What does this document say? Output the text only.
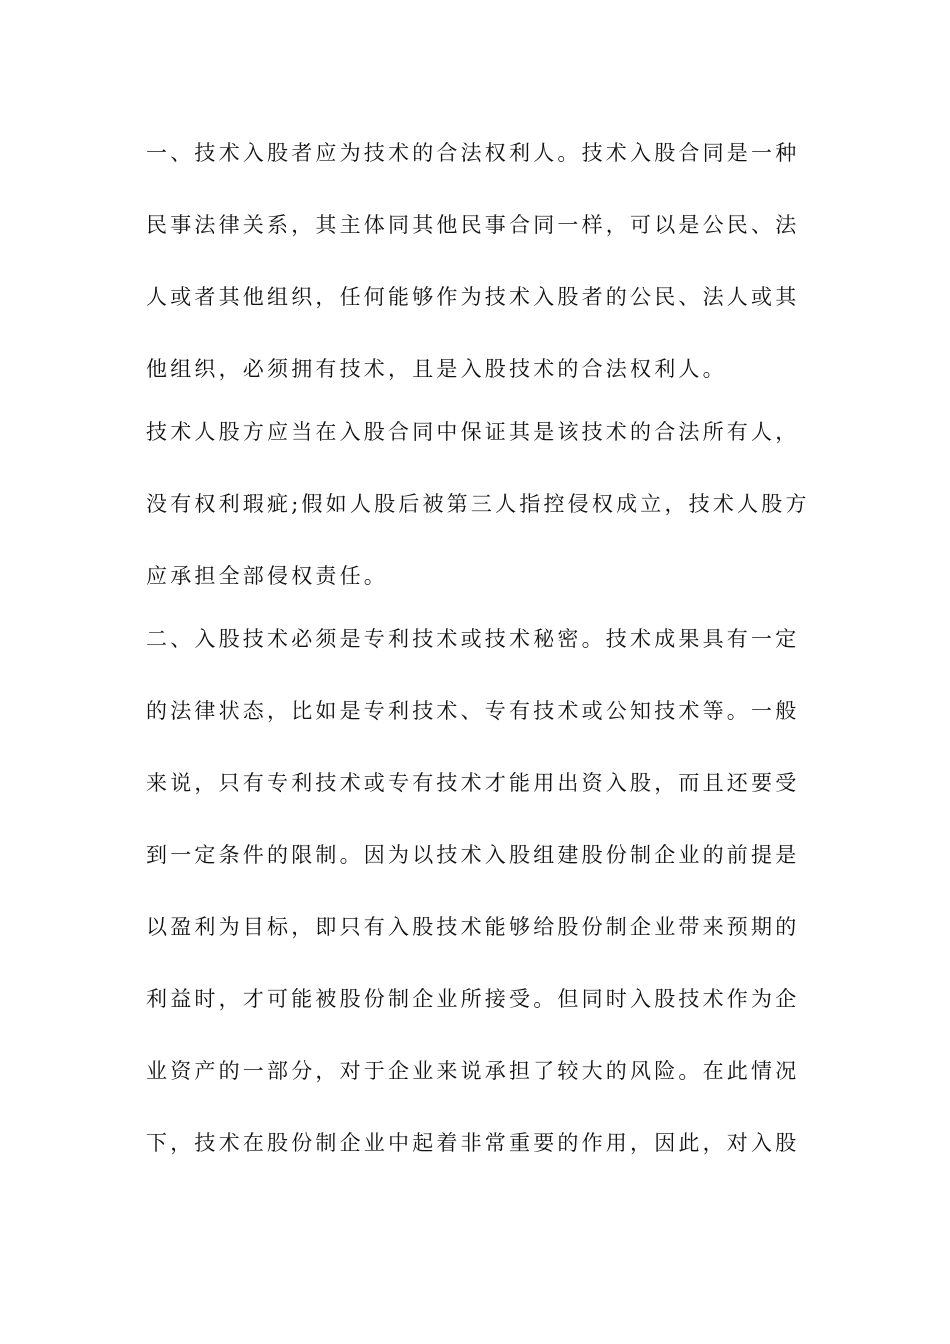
一、技术入股者应为技术的合法权利人。技术入股合同是一种
民事法律关系，其主体同其他民事合同一样，可以是公民、法
人或者其他组织，任何能够作为技术入股者的公民、法人或其
他组织，必须拥有技术，且是入股技术的合法权利人。
技术人股方应当在入股合同中保证其是该技术的合法所有人，
没有权利瑕疵;假如人股后被第三人指控侵权成立，技术人股方
应承担全部侵权责任。
二、入股技术必须是专利技术或技术秘密。技术成果具有一定
的法律状态，比如是专利技术、专有技术或公知技术等。一般
来说，只有专利技术或专有技术才能用出资入股，而且还要受
到一定条件的限制。因为以技术入股组建股份制企业的前提是
以盈利为目标，即只有入股技术能够给股份制企业带来预期的
利益时，才可能被股份制企业所接受。但同时入股技术作为企
业资产的一部分，对于企业来说承担了较大的风险。在此情况
下，技术在股份制企业中起着非常重要的作用，因此，对入股
